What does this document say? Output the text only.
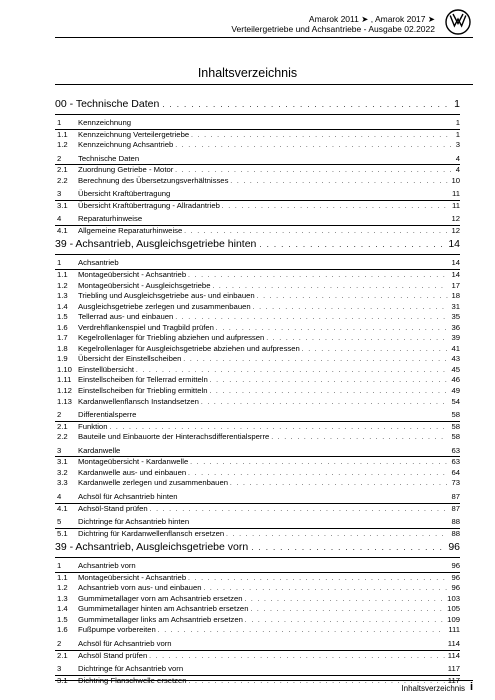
Amarok 2011 ➤ , Amarok 2017 ➤
Verteilergetriebe und Achsantriebe - Ausgabe 02.2022
Inhaltsverzeichnis
00 - Technische Daten . . .	1
1	Kennzeichnung	1
1.1	Kennzeichnung Verteilergetriebe . . .	1
1.2	Kennzeichnung Achsantrieb . . .	3
2	Technische Daten	4
2.1	Zuordnung Getriebe - Motor . . .	4
2.2	Berechnung des Übersetzungsverhältnisses . . .	10
3	Übersicht Kraftübertragung	11
3.1	Übersicht Kraftübertragung - Allradantrieb . . .	11
4	Reparaturhinweise	12
4.1	Allgemeine Reparaturhinweise . . .	12
39 - Achsantrieb, Ausgleichsgetriebe hinten . . .	14
1	Achsantrieb	14
1.1	Montageübersicht - Achsantrieb . . .	14
1.2	Montageübersicht - Ausgleichsgetriebe . . .	17
1.3	Triebling und Ausgleichsgetriebe aus- und einbauen . . .	18
1.4	Ausgleichsgetriebe zerlegen und zusammenbauen . . .	31
1.5	Tellerrad aus- und einbauen . . .	35
1.6	Verdrehflankenspiel und Tragbild prüfen . . .	36
1.7	Kegelrollenlager für Triebling abziehen und aufpressen . . .	39
1.8	Kegelrollenlager für Ausgleichsgetriebe abziehen und aufpressen . . .	41
1.9	Übersicht der Einstellscheiben . . .	43
1.10 Einstellübersicht . . .	45
1.11 Einstellscheiben für Tellerrad ermitteln . . .	46
1.12 Einstellscheiben für Triebling ermitteln . . .	49
1.13 Kardanwellenflansch Instandsetzen . . .	54
2	Differentialsperre	58
2.1	Funktion . . .	58
2.2	Bauteile und Einbauorte der Hinterachsdifferentialsperre . . .	58
3	Kardanwelle	63
3.1	Montageübersicht - Kardanwelle . . .	63
3.2	Kardanwelle aus- und einbauen . . .	64
3.3	Kardanwelle zerlegen und zusammenbauen . . .	73
4	Achsöl für Achsantrieb hinten	87
4.1	Achsöl-Stand prüfen . . .	87
5	Dichtringe für Achsantrieb hinten	88
5.1	Dichtring für Kardanwellenflansch ersetzen . . .	88
39 - Achsantrieb, Ausgleichsgetriebe vorn . . .	96
1	Achsantrieb vorn	96
1.1	Montageübersicht - Achsantrieb . . .	96
1.2	Achsantrieb vorn aus- und einbauen . . .	96
1.3	Gummimetallager vorn am Achsantrieb ersetzen . . .	103
1.4	Gummimetallager hinten am Achsantrieb ersetzen . . .	105
1.5	Gummimetallager links am Achsantrieb ersetzen . . .	109
1.6	Fußpumpe vorbereiten . . .	111
2	Achsöl für Achsantrieb vorn	114
2.1	Achsöl Stand prüfen . . .	114
3	Dichtringe für Achsantrieb vorn	117
3.1	Dichtring Flanschwelle ersetzen . . .	117
Inhaltsverzeichnis i
